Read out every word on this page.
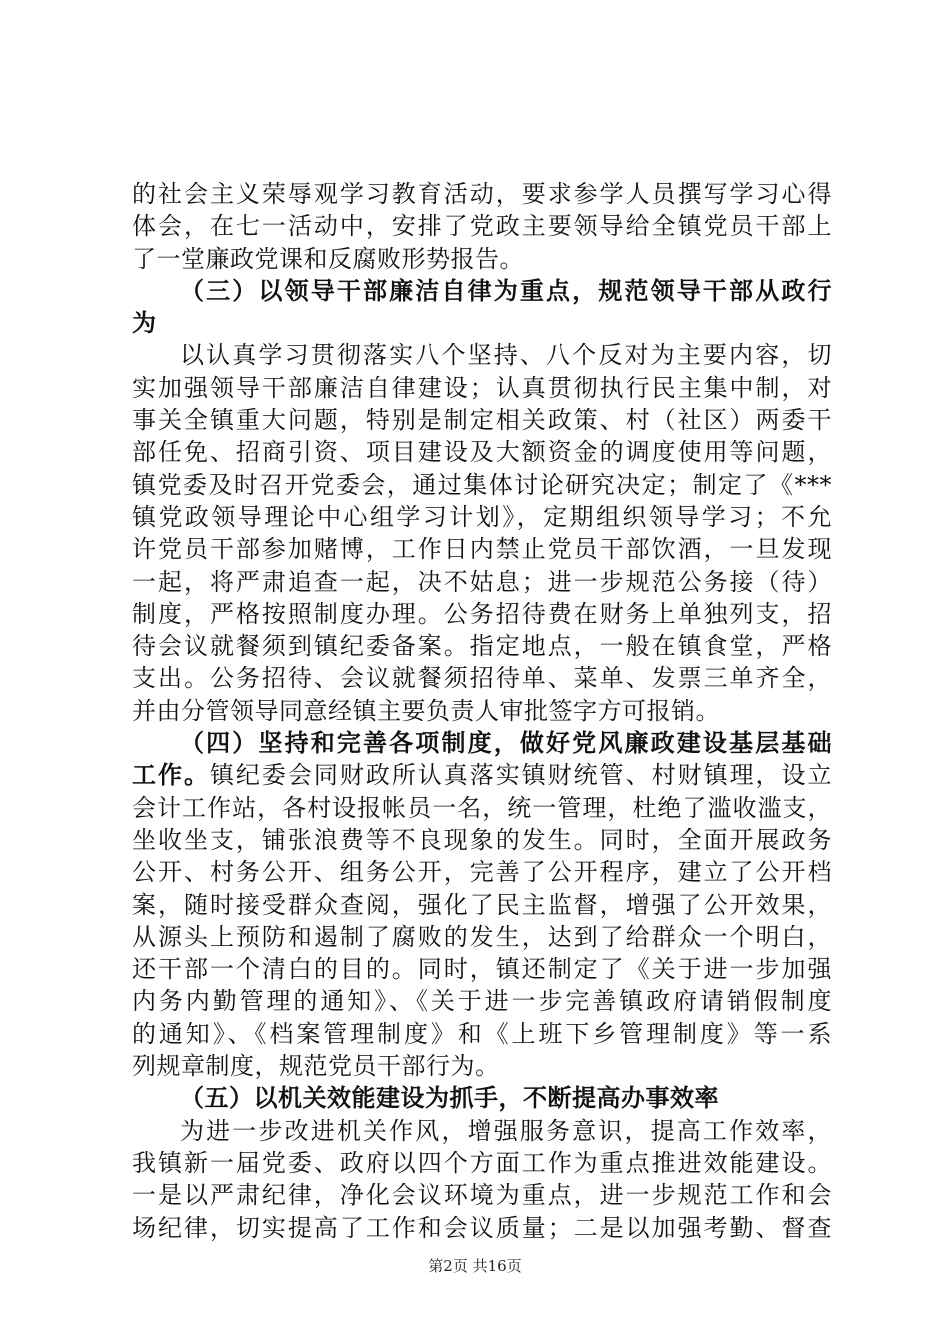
的社会主义荣辱观学习教育活动，要求参学人员撰写学习心得
体会，在七一活动中，安排了党政主要领导给全镇党员干部上
了一堂廉政党课和反腐败形势报告。
（三）以领导干部廉洁自律为重点，规范领导干部从政行
为
以认真学习贯彻落实八个坚持、八个反对为主要内容，切
实加强领导干部廉洁自律建设；认真贯彻执行民主集中制，对
事关全镇重大问题，特别是制定相关政策、村（社区）两委干
部任免、招商引资、项目建设及大额资金的调度使用等问题，
镇党委及时召开党委会，通过集体讨论研究决定；制定了《***
镇党政领导理论中心组学习计划》，定期组织领导学习；不允
许党员干部参加赌博，工作日内禁止党员干部饮酒，一旦发现
一起，将严肃追查一起，决不姑息；进一步规范公务接（待）
制度，严格按照制度办理。公务招待费在财务上单独列支，招
待会议就餐须到镇纪委备案。指定地点，一般在镇食堂，严格
支出。公务招待、会议就餐须招待单、菜单、发票三单齐全，
并由分管领导同意经镇主要负责人审批签字方可报销。
（四）坚持和完善各项制度，做好党风廉政建设基层基础
工作。镇纪委会同财政所认真落实镇财统管、村财镇理，设立
会计工作站，各村设报帐员一名，统一管理，杜绝了滥收滥支，
坐收坐支，铺张浪费等不良现象的发生。同时，全面开展政务
公开、村务公开、组务公开，完善了公开程序，建立了公开档
案，随时接受群众查阅，强化了民主监督，增强了公开效果，
从源头上预防和遏制了腐败的发生，达到了给群众一个明白，
还干部一个清白的目的。同时，镇还制定了《关于进一步加强
内务内勤管理的通知》、《关于进一步完善镇政府请销假制度
的通知》、《档案管理制度》和《上班下乡管理制度》等一系
列规章制度，规范党员干部行为。
（五）以机关效能建设为抓手，不断提高办事效率
为进一步改进机关作风，增强服务意识，提高工作效率，
我镇新一届党委、政府以四个方面工作为重点推进效能建设。
一是以严肃纪律，净化会议环境为重点，进一步规范工作和会
场纪律，切实提高了工作和会议质量；二是以加强考勤、督查
第2页 共16页
